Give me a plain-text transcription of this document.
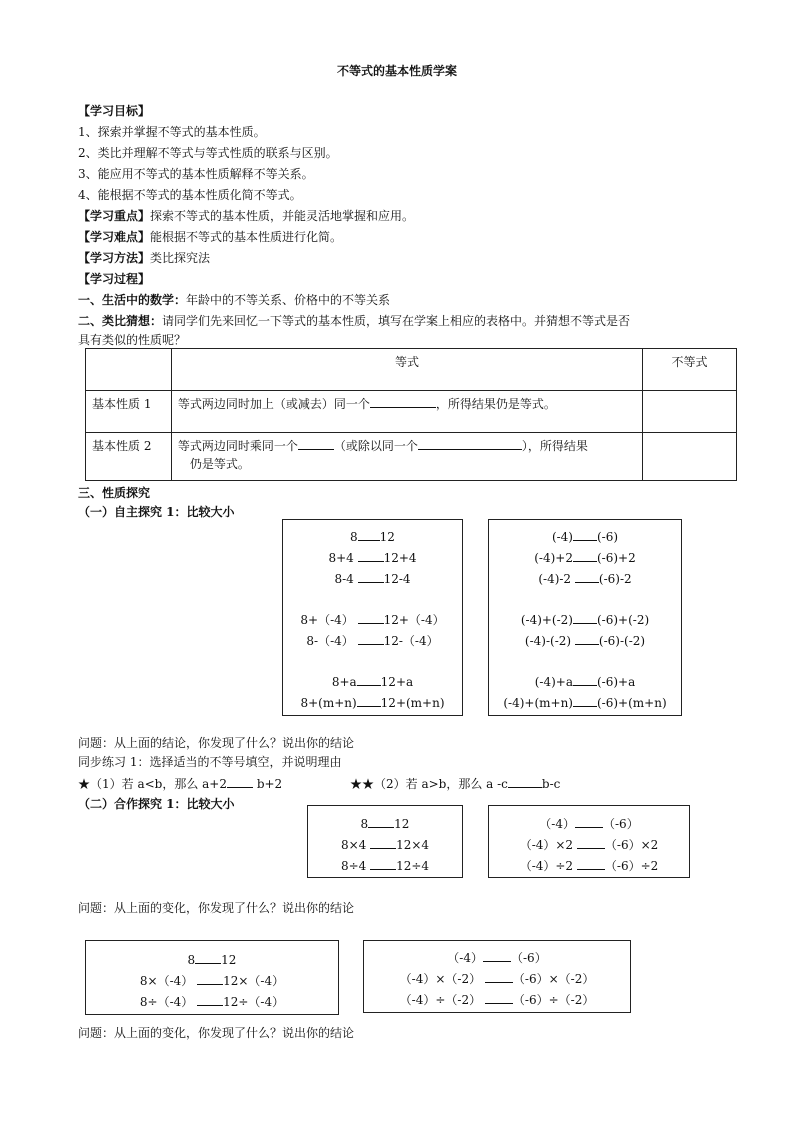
不等式的基本性质学案
【学习目标】
1、探索并掌握不等式的基本性质。
2、类比并理解不等式与等式性质的联系与区别。
3、能应用不等式的基本性质解释不等关系。
4、能根据不等式的基本性质化简不等式。
【学习重点】探索不等式的基本性质，并能灵活地掌握和应用。
【学习难点】能根据不等式的基本性质进行化简。
【学习方法】类比探究法
【学习过程】
一、生活中的数学：年龄中的不等关系、价格中的不等关系
二、类比猜想：请同学们先来回忆一下等式的基本性质，填写在学案上相应的表格中。并猜想不等式是否
具有类似的性质呢？
	等式	不等式
基本性质 1	等式两边同时加上（或减去）同一个 ，所得结果仍是等式。	
基本性质 2	等式两边同时乘同一个 （或除以同一个 ），所得结果
仍是等式。	
三、性质探究
（一）自主探究 1：比较大小
8 12
8+4 12+4
8-4 12-4
8+（-4） 12+（-4）
8-（-4） 12-（-4）
8+a 12+a
8+(m+n) 12+(m+n)
(-4) (-6)
(-4)+2 (-6)+2
(-4)-2 (-6)-2
(-4)+(-2) (-6)+(-2)
(-4)-(-2) (-6)-(-2)
(-4)+a (-6)+a
(-4)+(m+n) (-6)+(m+n)
问题：从上面的结论，你发现了什么？说出你的结论
同步练习 1：选择适当的不等号填空，并说明理由
★（1）若 a<b，那么 a+2 b+2	★★（2）若 a>b，那么 a -c	b-c
（二）合作探究 1：比较大小
8 12
8×4 12×4
8÷4 12÷4
（-4） （-6）
（-4）×2	（-6）×2
（-4）÷2	（-6）÷2
问题：从上面的变化，你发现了什么？说出你的结论
8 12
8×（-4） 12×（-4）
8÷（-4） 12÷（-4）
（-4） （-6）
（-4）×（-2）	（-6）×（-2）
（-4）÷（-2）	（-6）÷（-2）
问题：从上面的变化，你发现了什么？说出你的结论
